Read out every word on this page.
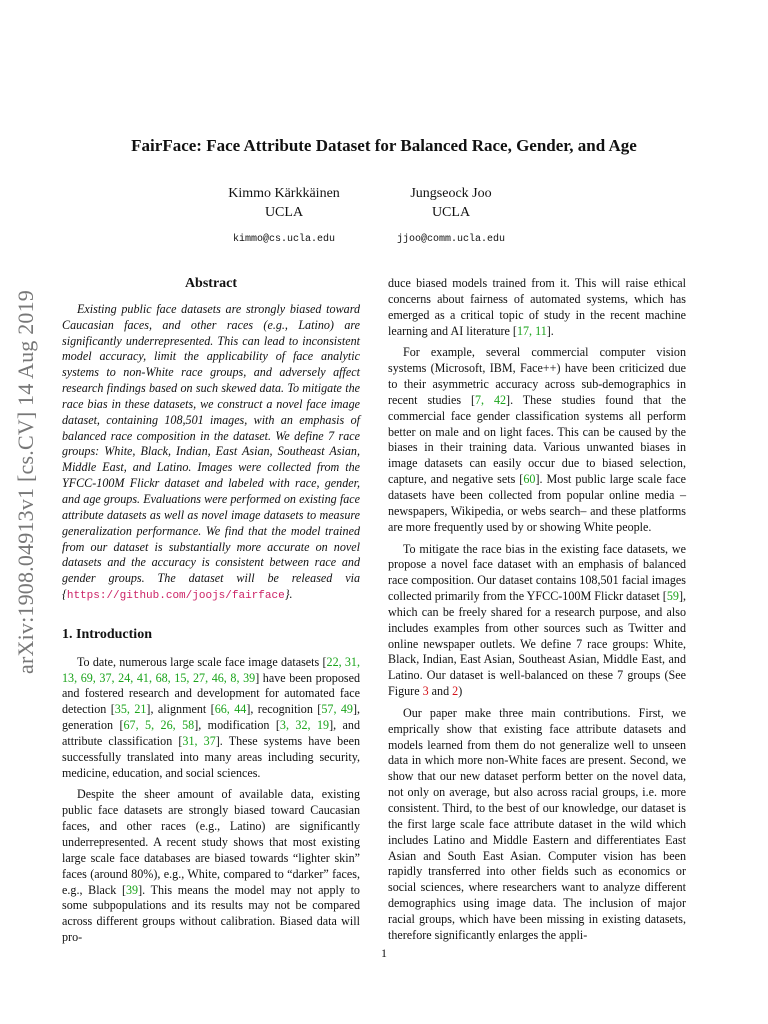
arXiv:1908.04913v1 [cs.CV] 14 Aug 2019
FairFace: Face Attribute Dataset for Balanced Race, Gender, and Age
Kimmo Kärkkäinen
UCLA
kimmo@cs.ucla.edu
Jungseock Joo
UCLA
jjoo@comm.ucla.edu
Abstract

Existing public face datasets are strongly biased toward Caucasian faces, and other races (e.g., Latino) are significantly underrepresented. This can lead to inconsistent model accuracy, limit the applicability of face analytic systems to non-White race groups, and adversely affect research findings based on such skewed data. To mitigate the race bias in these datasets, we construct a novel face image dataset, containing 108,501 images, with an emphasis of balanced race composition in the dataset. We define 7 race groups: White, Black, Indian, East Asian, Southeast Asian, Middle East, and Latino. Images were collected from the YFCC-100M Flickr dataset and labeled with race, gender, and age groups. Evaluations were performed on existing face attribute datasets as well as novel image datasets to measure generalization performance. We find that the model trained from our dataset is substantially more accurate on novel datasets and the accuracy is consistent between race and gender groups. The dataset will be released via {https://github.com/joojs/fairface}.

1. Introduction

To date, numerous large scale face image datasets [22, 31, 13, 69, 37, 24, 41, 68, 15, 27, 46, 8, 39] have been proposed and fostered research and development for automated face detection [35, 21], alignment [66, 44], recognition [57, 49], generation [67, 5, 26, 58], modification [3, 32, 19], and attribute classification [31, 37]. These systems have been successfully translated into many areas including security, medicine, education, and social sciences.

Despite the sheer amount of available data, existing public face datasets are strongly biased toward Caucasian faces, and other races (e.g., Latino) are significantly underrepresented. A recent study shows that most existing large scale face databases are biased towards “lighter skin” faces (around 80%), e.g., White, compared to “darker” faces, e.g., Black [39]. This means the model may not apply to some subpopulations and its results may not be compared across different groups without calibration. Biased data will pro-

duce biased models trained from it. This will raise ethical concerns about fairness of automated systems, which has emerged as a critical topic of study in the recent machine learning and AI literature [17, 11].

For example, several commercial computer vision systems (Microsoft, IBM, Face++) have been criticized due to their asymmetric accuracy across sub-demographics in recent studies [7, 42]. These studies found that the commercial face gender classification systems all perform better on male and on light faces. This can be caused by the biases in their training data. Various unwanted biases in image datasets can easily occur due to biased selection, capture, and negative sets [60]. Most public large scale face datasets have been collected from popular online media – newspapers, Wikipedia, or webs search– and these platforms are more frequently used by or showing White people.

To mitigate the race bias in the existing face datasets, we propose a novel face dataset with an emphasis of balanced race composition. Our dataset contains 108,501 facial images collected primarily from the YFCC-100M Flickr dataset [59], which can be freely shared for a research purpose, and also includes examples from other sources such as Twitter and online newspaper outlets. We define 7 race groups: White, Black, Indian, East Asian, Southeast Asian, Middle East, and Latino. Our dataset is well-balanced on these 7 groups (See Figure 3 and 2)

Our paper make three main contributions. First, we emprically show that existing face attribute datasets and models learned from them do not generalize well to unseen data in which more non-White faces are present. Second, we show that our new dataset perform better on the novel data, not only on average, but also across racial groups, i.e. more consistent. Third, to the best of our knowledge, our dataset is the first large scale face attribute dataset in the wild which includes Latino and Middle Eastern and differentiates East Asian and South East Asian. Computer vision has been rapidly transferred into other fields such as economics or social sciences, where researchers want to analyze different demographics using image data. The inclusion of major racial groups, which have been missing in existing datasets, therefore significantly enlarges the appli-

1
